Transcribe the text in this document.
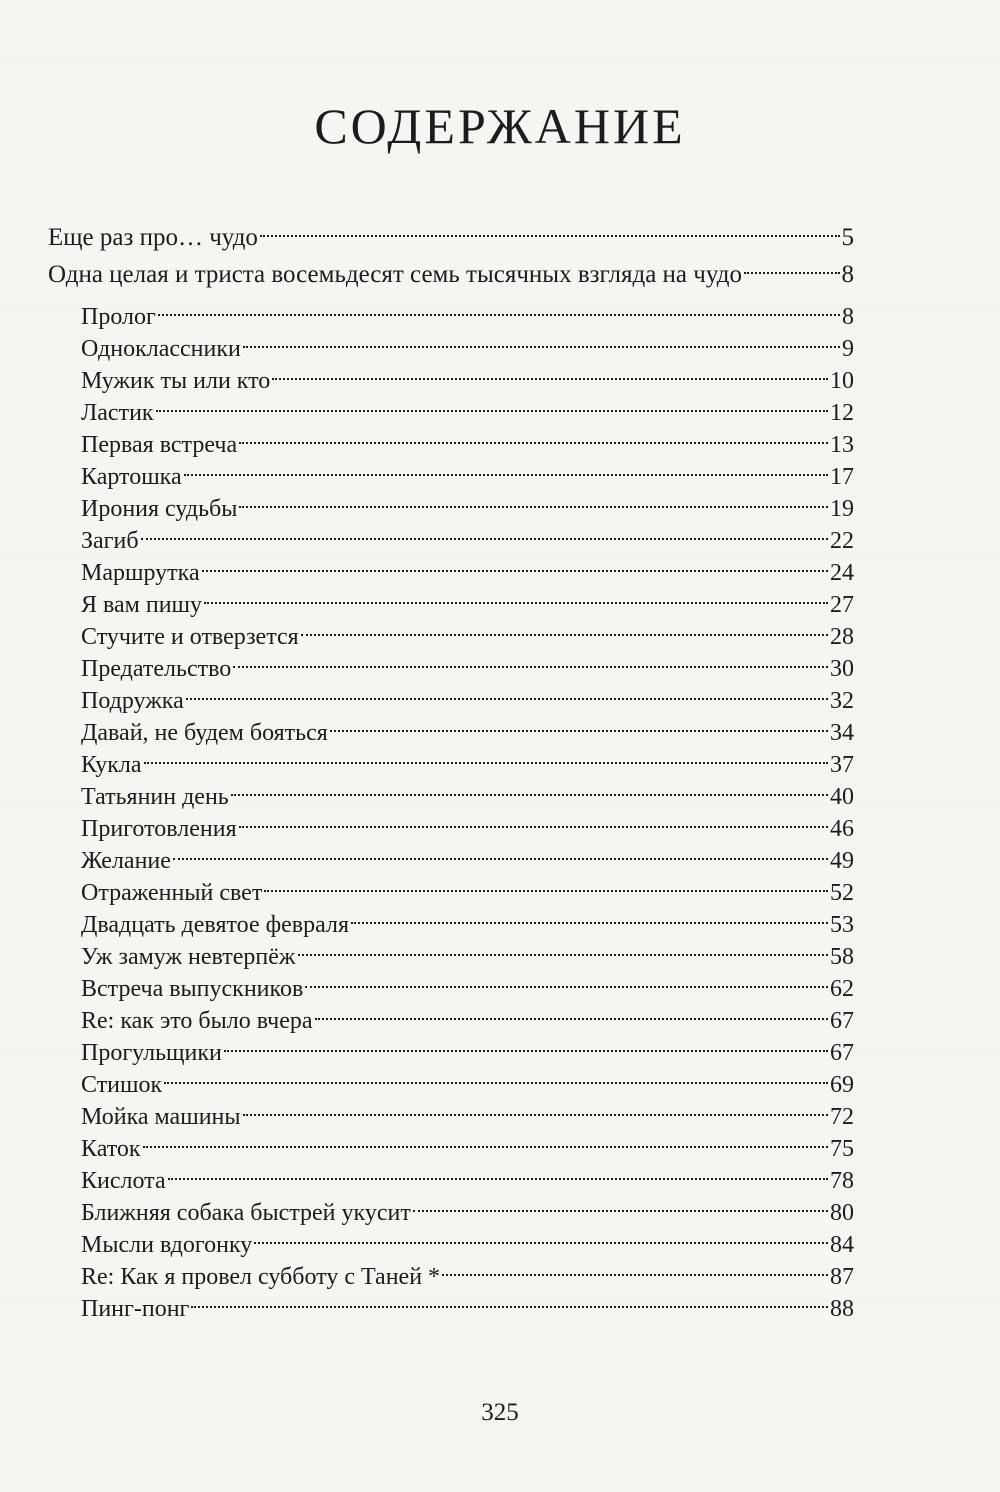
СОДЕРЖАНИЕ
Еще раз про… чудо	5
Одна целая и триста восемьдесят семь тысячных взгляда на чудо	8
Пролог	8
Одноклассники	9
Мужик ты или кто	10
Ластик	12
Первая встреча	13
Картошка	17
Ирония судьбы	19
Загиб	22
Маршрутка	24
Я вам пишу	27
Стучите и отверзется	28
Предательство	30
Подружка	32
Давай, не будем бояться	34
Кукла	37
Татьянин день	40
Приготовления	46
Желание	49
Отраженный свет	52
Двадцать девятое февраля	53
Уж замуж невтерпёж	58
Встреча выпускников	62
Re: как это было вчера	67
Прогульщики	67
Стишок	69
Мойка машины	72
Каток	75
Кислота	78
Ближняя собака быстрей укусит	80
Мысли вдогонку	84
Re: Как я провел субботу с Таней *	87
Пинг-понг	88
325
